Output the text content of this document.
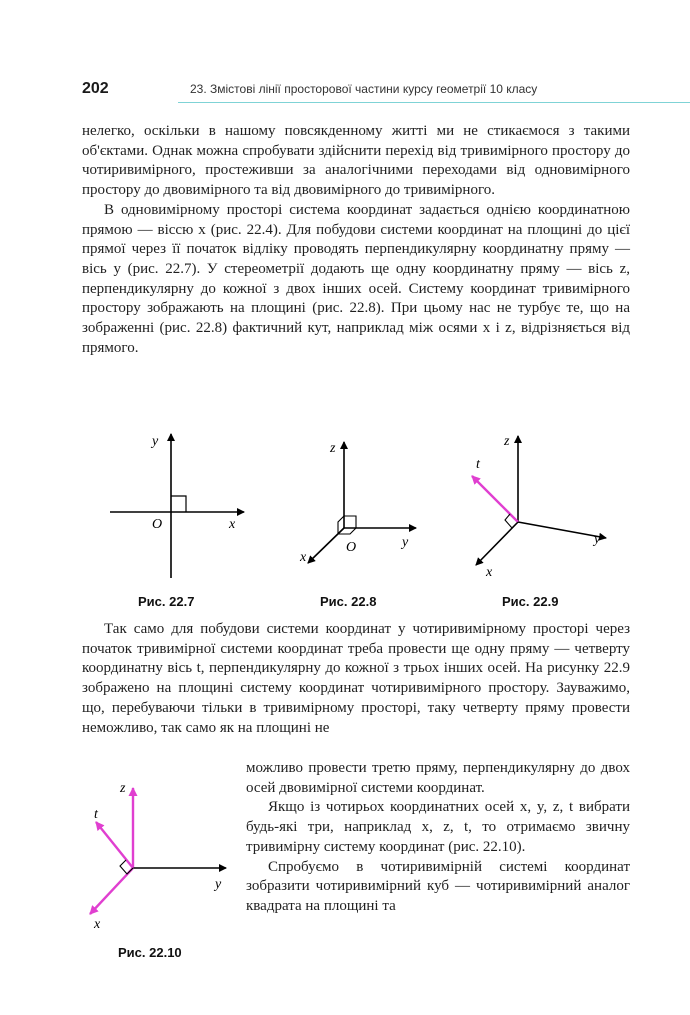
202	23. Змістові лінії просторової частини курсу геометрії 10 класу

нелегко, оскільки в нашому повсякденному житті ми не стикаємося з такими об'єктами. Однак можна спробувати здійснити перехід від тривимірного простору до чотиривимірного, простеживши за аналогічними переходами від одновимірного простору до двовимірного та від двовимірного до тривимірного.

В одновимірному просторі система координат задається однією координатною прямою — віссю x (рис. 22.4). Для побудови системи координат на площині до цієї прямої через її початок відліку проводять перпендикулярну координатну пряму — вісь y (рис. 22.7). У стереометрії додають ще одну координатну пряму — вісь z, перпендикулярну до кожної з двох інших осей. Систему координат тривимірного простору зображають на площині (рис. 22.8). При цьому нас не турбує те, що на зображенні (рис. 22.8) фактичний кут, наприклад між осями x і z, відрізняється від прямого.

y
x
O
z
y
x
O
z
y
x
t
z
y
x
t
Рис. 22.7	Рис. 22.8	Рис. 22.9
Рис. 22.10

Так само для побудови системи координат у чотиривимірному просторі через початок тривимірної системи координат треба провести ще одну пряму — четверту координатну вісь t, перпендикулярну до кожної з трьох інших осей. На рисунку 22.9 зображено на площині систему координат чотиривимірного простору. Зауважимо, що, перебуваючи тільки в тривимірному просторі, таку четверту пряму провести неможливо, так само як на площині не

можливо провести третю пряму, перпендикулярну до двох осей двовимірної системи координат.

Якщо із чотирьох координатних осей x, y, z, t вибрати будь-які три, наприклад x, z, t, то отримаємо звичну тривимірну систему координат (рис. 22.10).

Спробуємо в чотиривимірній системі координат зобразити чотиривимірний куб — чотиривимірний аналог квадрата на площині та
